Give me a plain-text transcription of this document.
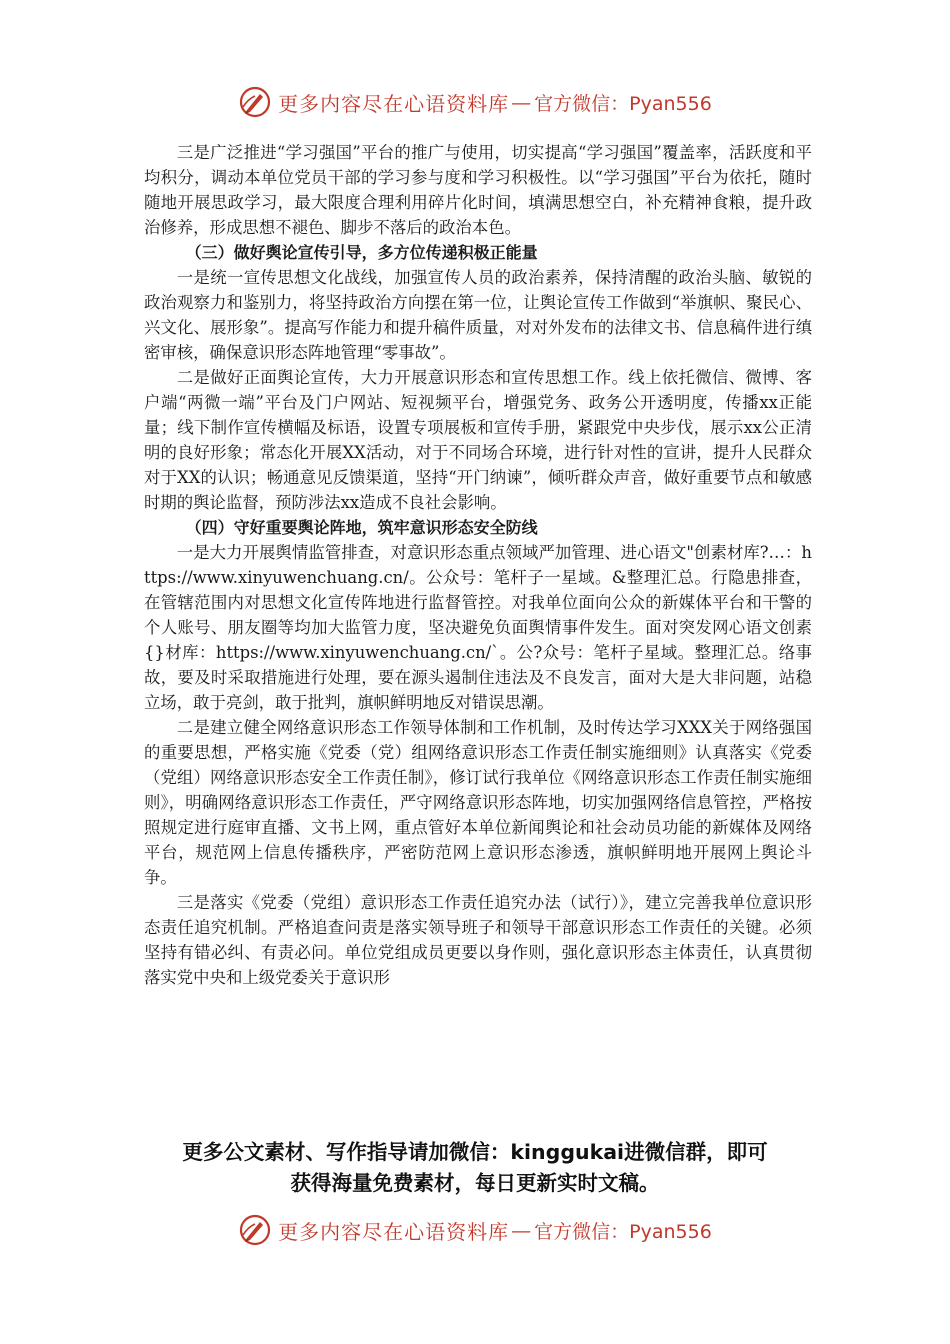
更多内容尽在心语资料库 — 官方微信：Pyan556

三是广泛推进“学习强国”平台的推广与使用，切实提高“学习强国”覆盖率，活跃度和平均积分，调动本单位党员干部的学习参与度和学习积极性。以“学习强国”平台为依托，随时随地开展思政学习，最大限度合理利用碎片化时间，填满思想空白，补充精神食粮，提升政治修养，形成思想不褪色、脚步不落后的政治本色。

（三）做好舆论宣传引导，多方位传递积极正能量

一是统一宣传思想文化战线，加强宣传人员的政治素养，保持清醒的政治头脑、敏锐的政治观察力和鉴别力，将坚持政治方向摆在第一位，让舆论宣传工作做到“举旗帜、聚民心、兴文化、展形象”。提高写作能力和提升稿件质量，对对外发布的法律文书、信息稿件进行缜密审核，确保意识形态阵地管理“零事故”。

二是做好正面舆论宣传，大力开展意识形态和宣传思想工作。线上依托微信、微博、客户端“两微一端”平台及门户网站、短视频平台，增强党务、政务公开透明度，传播xx正能量；线下制作宣传横幅及标语，设置专项展板和宣传手册，紧跟党中央步伐，展示xx公正清明的良好形象；常态化开展XX活动，对于不同场合环境，进行针对性的宣讲，提升人民群众对于XX的认识；畅通意见反馈渠道，坚持“开门纳谏”，倾听群众声音，做好重要节点和敏感时期的舆论监督，预防涉法xx造成不良社会影响。

（四）守好重要舆论阵地，筑牢意识形态安全防线

一是大力开展舆情监管排查，对意识形态重点领域严加管理、进心语文"创素材库?…：https://www.xinyuwenchuang.cn/。公众号：笔杆子一星域。&整理汇总。行隐患排查，在管辖范围内对思想文化宣传阵地进行监督管控。对我单位面向公众的新媒体平台和干警的个人账号、朋友圈等均加大监管力度，坚决避免负面舆情事件发生。面对突发网心语文创素{}材库：https://www.xinyuwenchuang.cn/`。公?众号：笔杆子星域。整理汇总。络事故，要及时采取措施进行处理，要在源头遏制住违法及不良发言，面对大是大非问题，站稳立场，敢于亮剑，敢于批判，旗帜鲜明地反对错误思潮。

二是建立健全网络意识形态工作领导体制和工作机制，及时传达学习XXX关于网络强国的重要思想，严格实施《党委（党）组网络意识形态工作责任制实施细则》认真落实《党委（党组）网络意识形态安全工作责任制》，修订试行我单位《网络意识形态工作责任制实施细则》，明确网络意识形态工作责任，严守网络意识形态阵地，切实加强网络信息管控，严格按照规定进行庭审直播、文书上网，重点管好本单位新闻舆论和社会动员功能的新媒体及网络平台，规范网上信息传播秩序，严密防范网上意识形态渗透，旗帜鲜明地开展网上舆论斗争。

三是落实《党委（党组）意识形态工作责任追究办法（试行）》，建立完善我单位意识形态责任追究机制。严格追查问责是落实领导班子和领导干部意识形态工作责任的关键。必须坚持有错必纠、有责必问。单位党组成员更要以身作则，强化意识形态主体责任，认真贯彻落实党中央和上级党委关于意识形

更多公文素材、写作指导请加微信：kinggukai进微信群，即可
获得海量免费素材，每日更新实时文稿。
更多内容尽在心语资料库 — 官方微信：Pyan556
